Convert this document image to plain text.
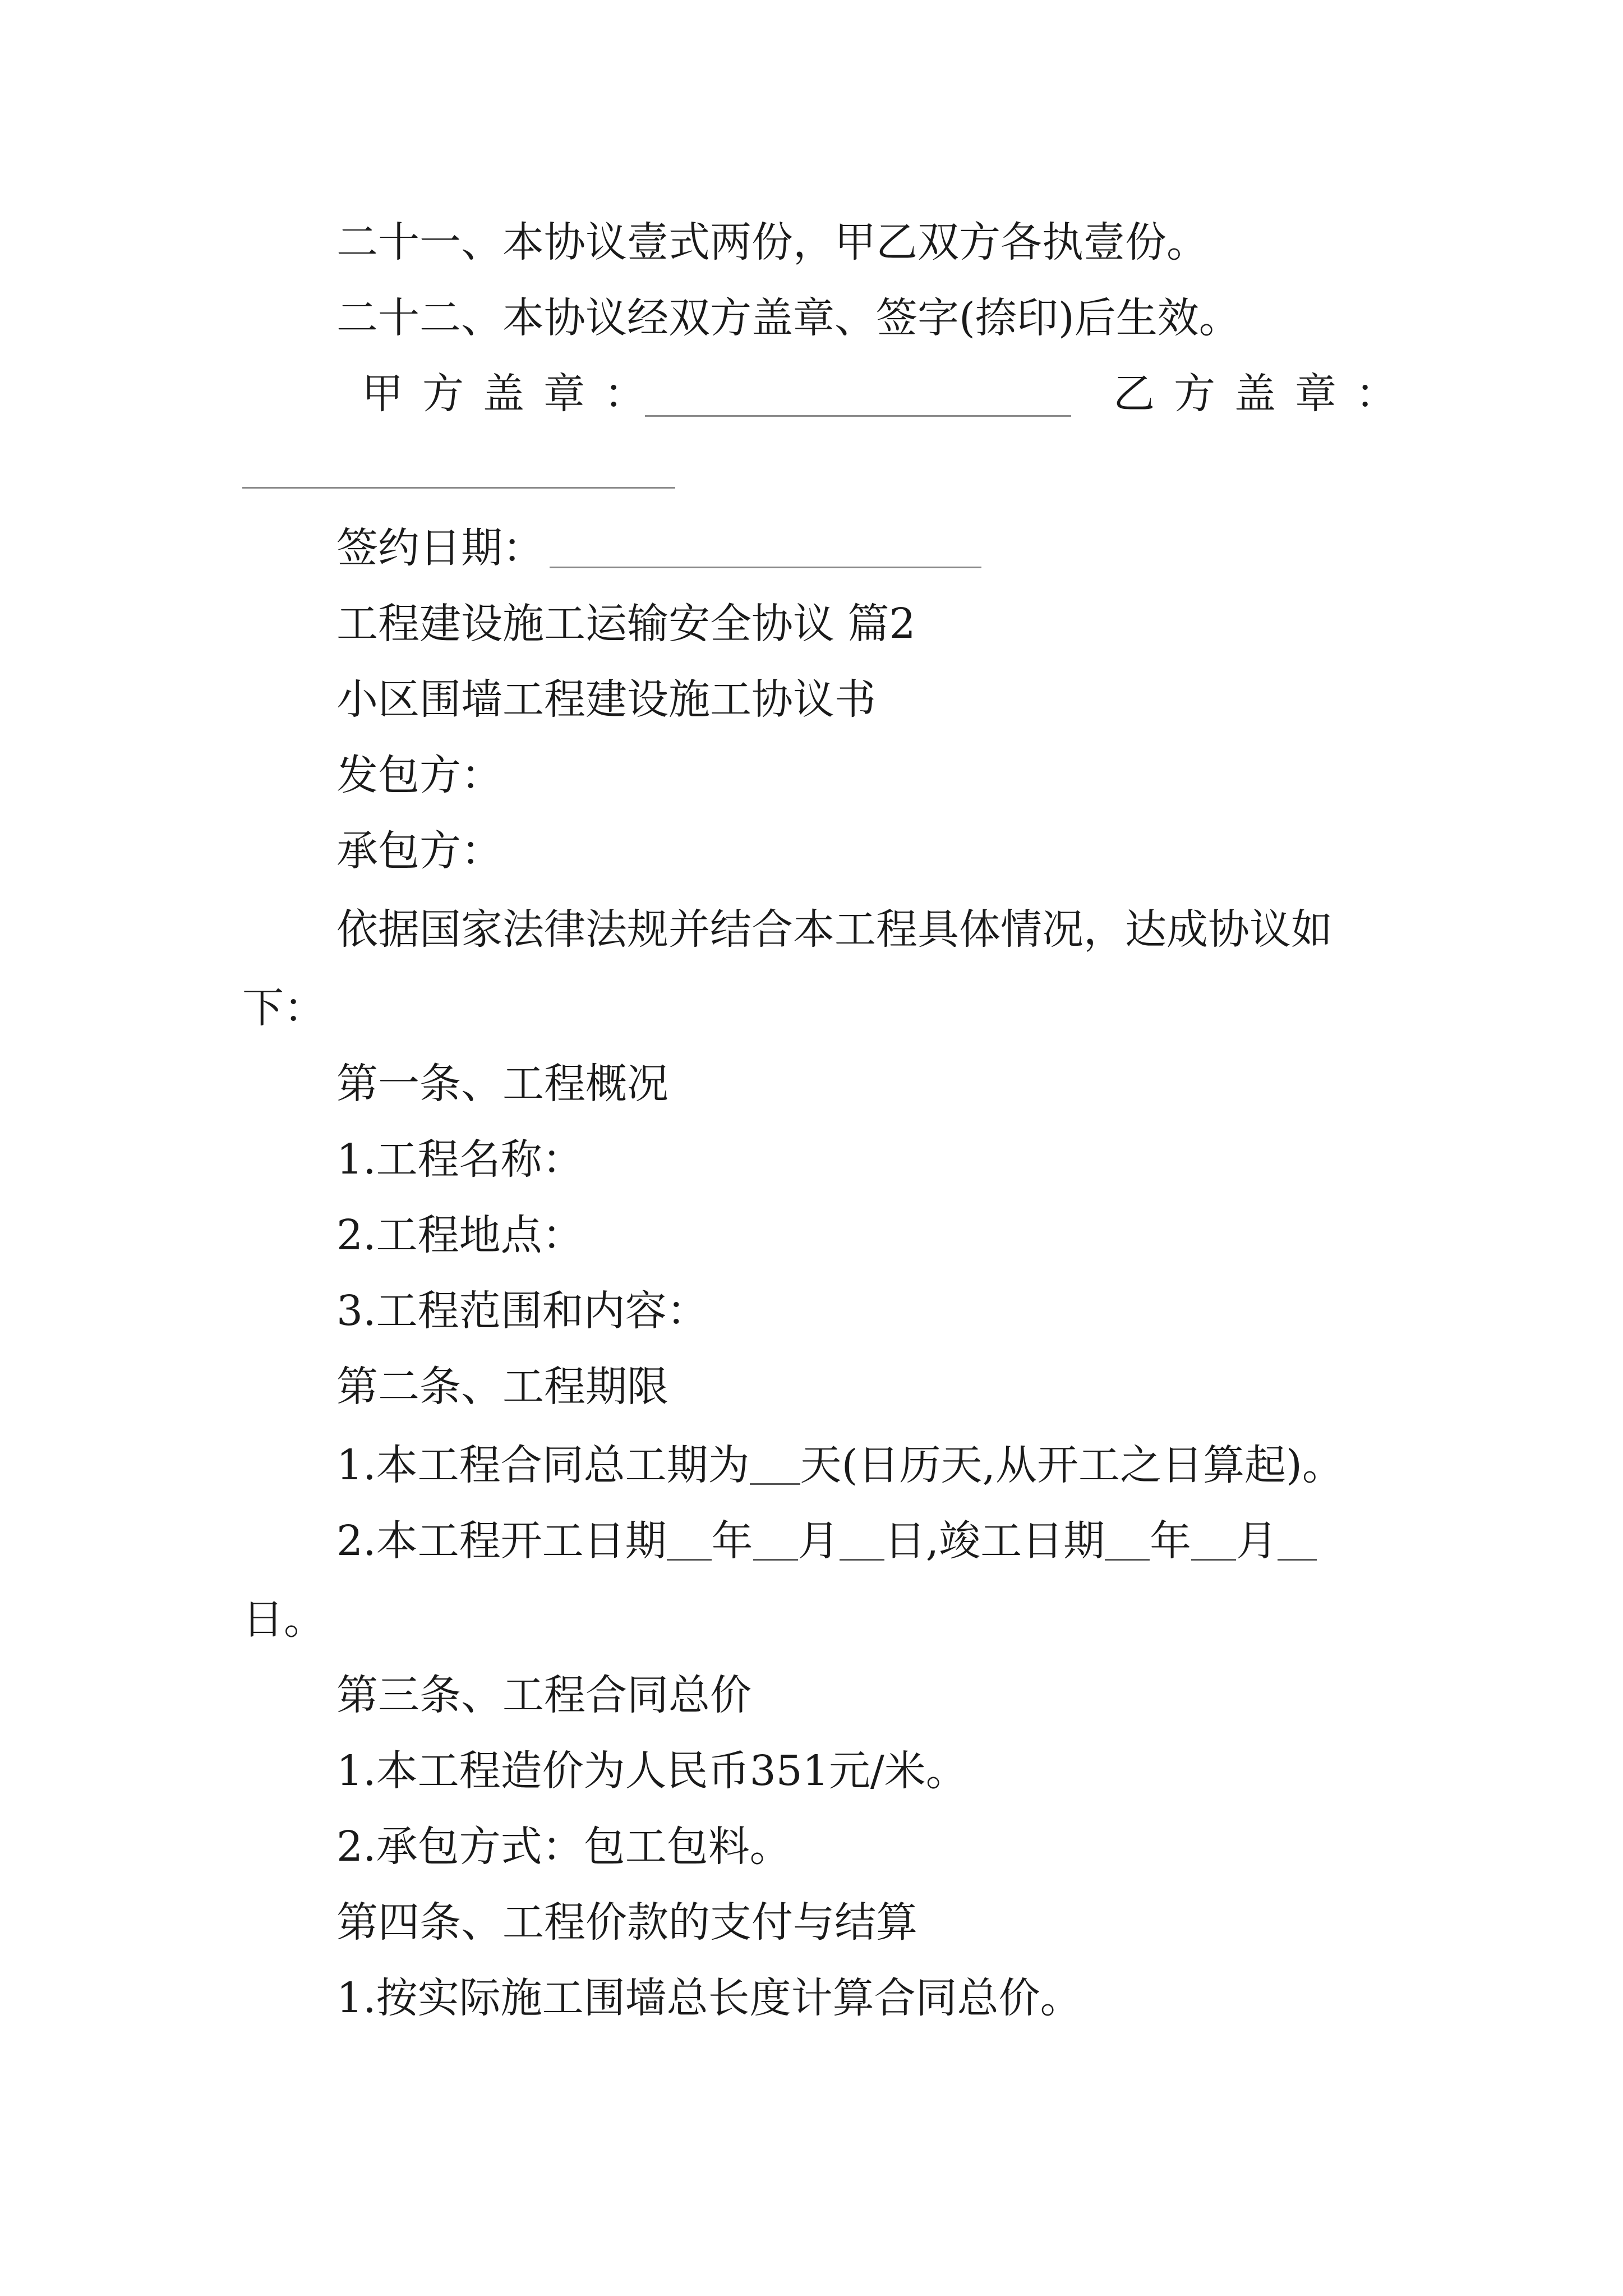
二十一、本协议壹式两份，甲乙双方各执壹份。
二十二、本协议经双方盖章、签字(捺印)后生效。
甲方盖章：	乙方盖章：
签约日期：
工程建设施工运输安全协议 篇2
小区围墙工程建设施工协议书
发包方：
承包方：
依据国家法律法规并结合本工程具体情况，达成协议如
下：
第一条、工程概况
1.工程名称：
2.工程地点：
3.工程范围和内容：
第二条、工程期限
1.本工程合同总工期为 天(日历天,从开工之日算起)。
2.本工程开工日期 年 月 日,竣工日期 年 月
日。
第三条、工程合同总价
1.本工程造价为人民币351元/米。
2.承包方式：包工包料。
第四条、工程价款的支付与结算
1.按实际施工围墙总长度计算合同总价。
